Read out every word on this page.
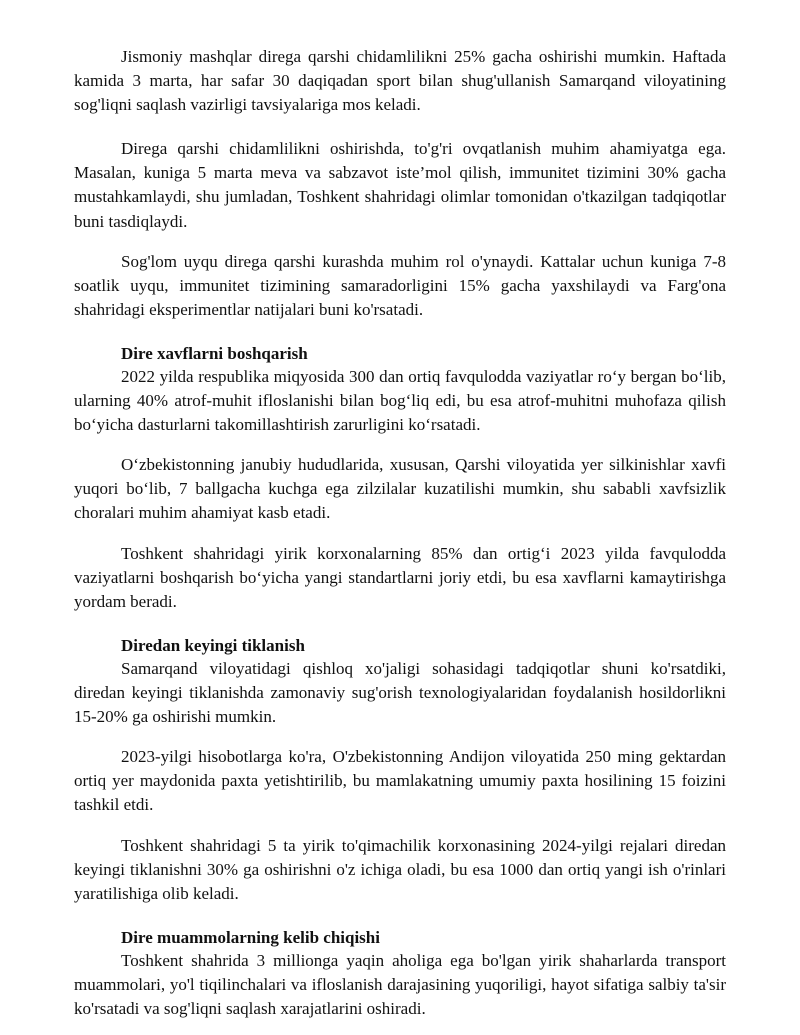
Jismoniy mashqlar direga qarshi chidamlilikni 25% gacha oshirishi mumkin. Haftada kamida 3 marta, har safar 30 daqiqadan sport bilan shug'ullanish Samarqand viloyatining sog'liqni saqlash vazirligi tavsiyalariga mos keladi.

Direga qarshi chidamlilikni oshirishda, to'g'ri ovqatlanish muhim ahamiyatga ega. Masalan, kuniga 5 marta meva va sabzavot iste’mol qilish, immunitet tizimini 30% gacha mustahkamlaydi, shu jumladan, Toshkent shahridagi olimlar tomonidan o'tkazilgan tadqiqotlar buni tasdiqlaydi.

Sog'lom uyqu direga qarshi kurashda muhim rol o'ynaydi. Kattalar uchun kuniga 7-8 soatlik uyqu, immunitet tizimining samaradorligini 15% gacha yaxshilaydi va Farg'ona shahridagi eksperimentlar natijalari buni ko'rsatadi.

Dire xavflarni boshqarish

2022 yilda respublika miqyosida 300 dan ortiq favqulodda vaziyatlar ro‘y bergan bo‘lib, ularning 40% atrof-muhit ifloslanishi bilan bog‘liq edi, bu esa atrof-muhitni muhofaza qilish bo‘yicha dasturlarni takomillashtirish zarurligini ko‘rsatadi.

O‘zbekistonning janubiy hududlarida, xususan, Qarshi viloyatida yer silkinishlar xavfi yuqori bo‘lib, 7 ballgacha kuchga ega zilzilalar kuzatilishi mumkin, shu sababli xavfsizlik choralari muhim ahamiyat kasb etadi.

Toshkent shahridagi yirik korxonalarning 85% dan ortig‘i 2023 yilda favqulodda vaziyatlarni boshqarish bo‘yicha yangi standartlarni joriy etdi, bu esa xavflarni kamaytirishga yordam beradi.

Diredan keyingi tiklanish

Samarqand viloyatidagi qishloq xo'jaligi sohasidagi tadqiqotlar shuni ko'rsatdiki, diredan keyingi tiklanishda zamonaviy sug'orish texnologiyalaridan foydalanish hosildorlikni 15-20% ga oshirishi mumkin.

2023-yilgi hisobotlarga ko'ra, O'zbekistonning Andijon viloyatida 250 ming gektardan ortiq yer maydonida paxta yetishtirilib, bu mamlakatning umumiy paxta hosilining 15 foizini tashkil etdi.

Toshkent shahridagi 5 ta yirik to'qimachilik korxonasining 2024-yilgi rejalari diredan keyingi tiklanishni 30% ga oshirishni o'z ichiga oladi, bu esa 1000 dan ortiq yangi ish o'rinlari yaratilishiga olib keladi.

Dire muammolarning kelib chiqishi

Toshkent shahrida 3 millionga yaqin aholiga ega bo'lgan yirik shaharlarda transport muammolari, yo'l tiqilinchalari va ifloslanish darajasining yuqoriligi, hayot sifatiga salbiy ta'sir ko'rsatadi va sog'liqni saqlash xarajatlarini oshiradi.
